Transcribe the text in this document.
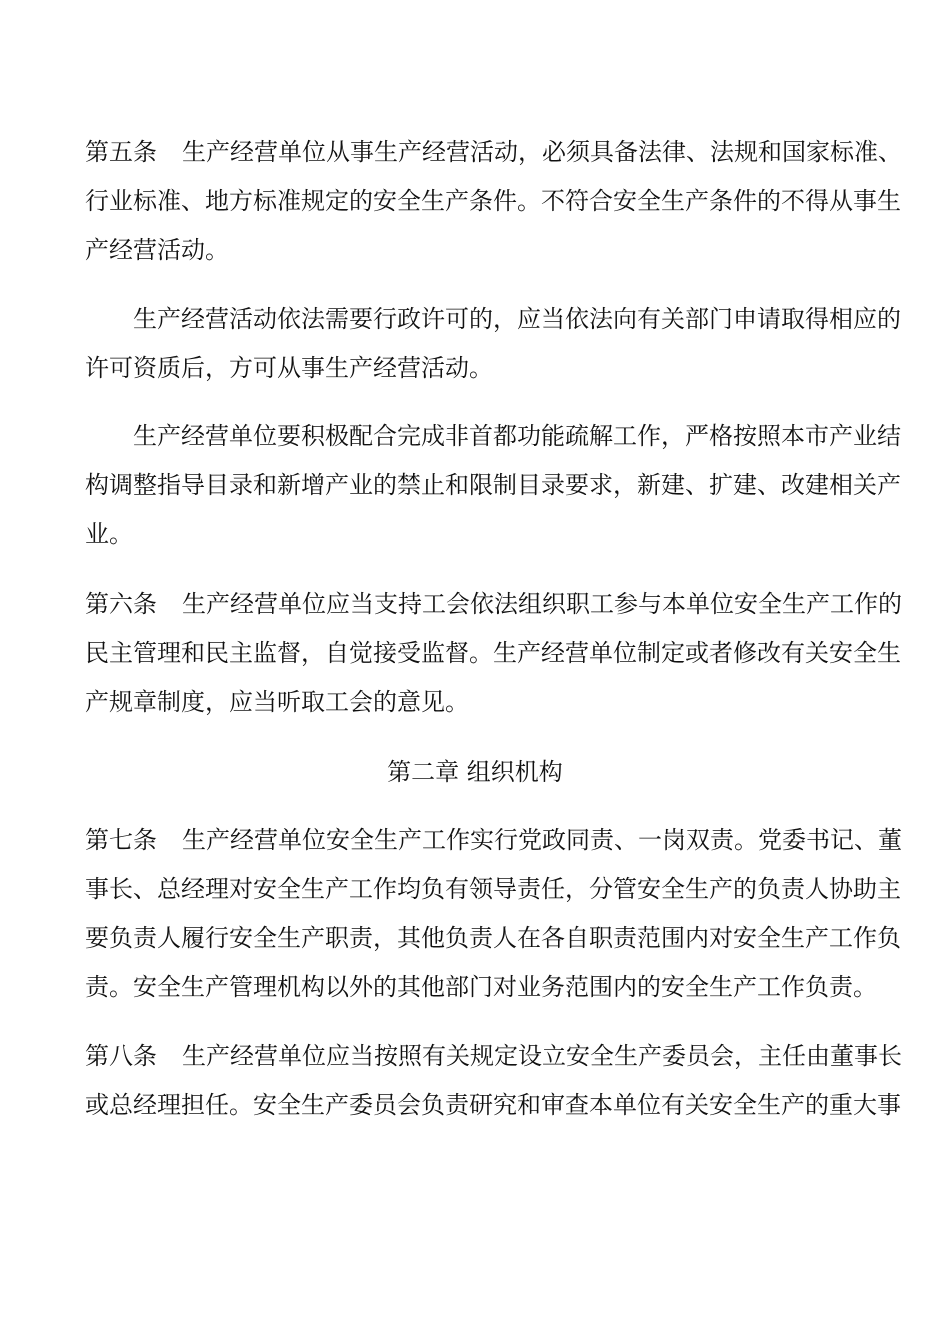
第五条 生产经营单位从事生产经营活动，必须具备法律、法规和国家标准、
行业标准、地方标准规定的安全生产条件。不符合安全生产条件的不得从事生
产经营活动。
生产经营活动依法需要行政许可的，应当依法向有关部门申请取得相应的
许可资质后，方可从事生产经营活动。
生产经营单位要积极配合完成非首都功能疏解工作，严格按照本市产业结
构调整指导目录和新增产业的禁止和限制目录要求，新建、扩建、改建相关产
业。
第六条 生产经营单位应当支持工会依法组织职工参与本单位安全生产工作的
民主管理和民主监督，自觉接受监督。生产经营单位制定或者修改有关安全生
产规章制度，应当听取工会的意见。
第二章 组织机构
第七条 生产经营单位安全生产工作实行党政同责、一岗双责。党委书记、董
事长、总经理对安全生产工作均负有领导责任，分管安全生产的负责人协助主
要负责人履行安全生产职责，其他负责人在各自职责范围内对安全生产工作负
责。安全生产管理机构以外的其他部门对业务范围内的安全生产工作负责。
第八条 生产经营单位应当按照有关规定设立安全生产委员会，主任由董事长
或总经理担任。安全生产委员会负责研究和审查本单位有关安全生产的重大事
